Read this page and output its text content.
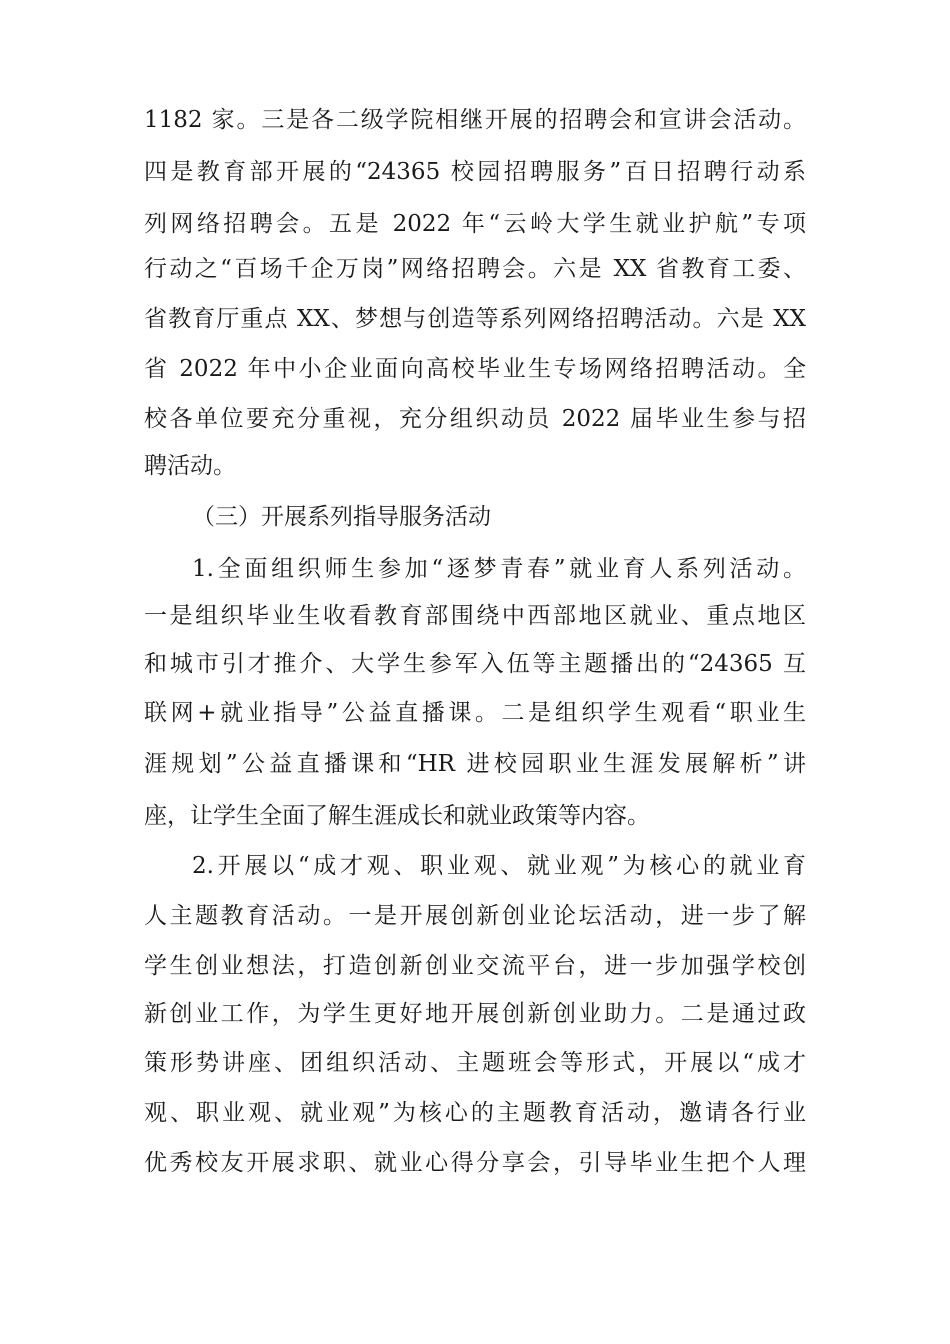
1182 家。三是各二级学院相继开展的招聘会和宣讲会活动。
四是教育部开展的“24365 校园招聘服务”百日招聘行动系
列网络招聘会。五是 2022 年“云岭大学生就业护航”专项
行动之“百场千企万岗”网络招聘会。六是 XX 省教育工委、
省教育厅重点 XX、梦想与创造等系列网络招聘活动。六是 XX
省 2022 年中小企业面向高校毕业生专场网络招聘活动。全
校各单位要充分重视，充分组织动员 2022 届毕业生参与招
聘活动。
（三）开展系列指导服务活动
1.全面组织师生参加“逐梦青春”就业育人系列活动。
一是组织毕业生收看教育部围绕中西部地区就业、重点地区
和城市引才推介、大学生参军入伍等主题播出的“24365 互
联网+就业指导”公益直播课。二是组织学生观看“职业生
涯规划”公益直播课和“HR 进校园职业生涯发展解析”讲
座，让学生全面了解生涯成长和就业政策等内容。
2.开展以“成才观、职业观、就业观”为核心的就业育
人主题教育活动。一是开展创新创业论坛活动，进一步了解
学生创业想法，打造创新创业交流平台，进一步加强学校创
新创业工作，为学生更好地开展创新创业助力。二是通过政
策形势讲座、团组织活动、主题班会等形式，开展以“成才
观、职业观、就业观”为核心的主题教育活动，邀请各行业
优秀校友开展求职、就业心得分享会，引导毕业生把个人理
